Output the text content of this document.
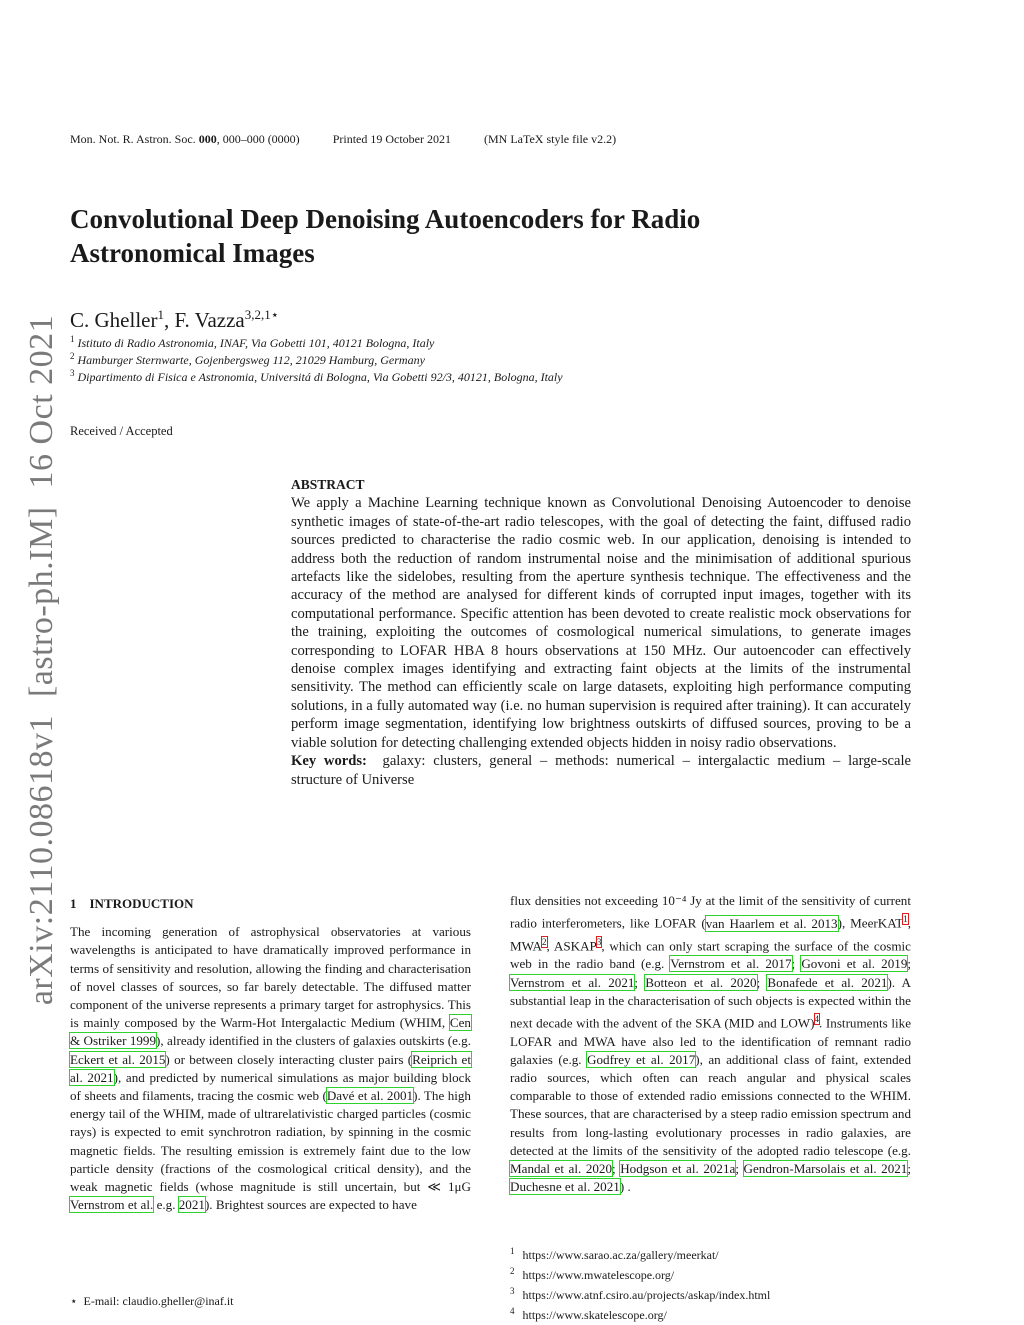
Mon. Not. R. Astron. Soc. 000, 000–000 (0000)	Printed 19 October 2021	(MN LaTeX style file v2.2)
arXiv:2110.08618v1  [astro-ph.IM]  16 Oct 2021
Convolutional Deep Denoising Autoencoders for Radio Astronomical Images
C. Gheller$^1$, F. Vazza$^{3,2,1⋆}$
$^1$ Istituto di Radio Astronomia, INAF, Via Gobetti 101, 40121 Bologna, Italy
$^2$ Hamburger Sternwarte, Gojenbergsweg 112, 21029 Hamburg, Germany
$^3$ Dipartimento di Fisica e Astronomia, Universitá di Bologna, Via Gobetti 92/3, 40121, Bologna, Italy
Received / Accepted
ABSTRACT

We apply a Machine Learning technique known as Convolutional Denoising Autoencoder to denoise synthetic images of state-of-the-art radio telescopes, with the goal of detecting the faint, diffused radio sources predicted to characterise the radio cosmic web. In our application, denoising is intended to address both the reduction of random instrumental noise and the minimisation of additional spurious artefacts like the sidelobes, resulting from the aperture synthesis technique. The effectiveness and the accuracy of the method are analysed for different kinds of corrupted input images, together with its computational performance. Specific attention has been devoted to create realistic mock observations for the training, exploiting the outcomes of cosmological numerical simulations, to generate images corresponding to LOFAR HBA 8 hours observations at 150 MHz. Our autoencoder can effectively denoise complex images identifying and extracting faint objects at the limits of the instrumental sensitivity. The method can efficiently scale on large datasets, exploiting high performance computing solutions, in a fully automated way (i.e. no human supervision is required after training). It can accurately perform image segmentation, identifying low brightness outskirts of diffused sources, proving to be a viable solution for detecting challenging extended objects hidden in noisy radio observations.

Key words: galaxy: clusters, general – methods: numerical – intergalactic medium – large-scale structure of Universe

1    INTRODUCTION

The incoming generation of astrophysical observatories at various wavelengths is anticipated to have dramatically improved performance in terms of sensitivity and resolution, allowing the finding and characterisation of novel classes of sources, so far barely detectable. The diffused matter component of the universe represents a primary target for astrophysics. This is mainly composed by the Warm-Hot Intergalactic Medium (WHIM, Cen & Ostriker 1999), already identified in the clusters of galaxies outskirts (e.g. Eckert et al. 2015) or between closely interacting cluster pairs (Reiprich et al. 2021), and predicted by numerical simulations as major building block of sheets and filaments, tracing the cosmic web (Davé et al. 2001). The high energy tail of the WHIM, made of ultrarelativistic charged particles (cosmic rays) is expected to emit synchrotron radiation, by spinning in the cosmic magnetic fields. The resulting emission is extremely faint due to the low particle density (fractions of the cosmological critical density), and the weak magnetic fields (whose magnitude is still uncertain, but ≪ 1μG Vernstrom et al. e.g. 2021). Brightest sources are expected to have

flux densities not exceeding 10⁻⁴ Jy at the limit of the sensitivity of current radio interferometers, like LOFAR (van Haarlem et al. 2013), MeerKAT$^1$, MWA$^2$, ASKAP$^3$, which can only start scraping the surface of the cosmic web in the radio band (e.g. Vernstrom et al. 2017; Govoni et al. 2019; Vernstrom et al. 2021; Botteon et al. 2020; Bonafede et al. 2021). A substantial leap in the characterisation of such objects is expected within the next decade with the advent of the SKA (MID and LOW)$^4$. Instruments like LOFAR and MWA have also led to the identification of remnant radio galaxies (e.g. Godfrey et al. 2017), an additional class of faint, extended radio sources, which often can reach angular and physical scales comparable to those of extended radio emissions connected to the WHIM. These sources, that are characterised by a steep radio emission spectrum and results from long-lasting evolutionary processes in radio galaxies, are detected at the limits of the sensitivity of the adopted radio telescope (e.g. Mandal et al. 2020; Hodgson et al. 2021a; Gendron-Marsolais et al. 2021; Duchesne et al. 2021) .

$^1$ https://www.sarao.ac.za/gallery/meerkat/
$^2$ https://www.mwatelescope.org/
$^3$ https://www.atnf.csiro.au/projects/askap/index.html
$^4$ https://www.skatelescope.org/
⋆ E-mail: claudio.gheller@inaf.it
